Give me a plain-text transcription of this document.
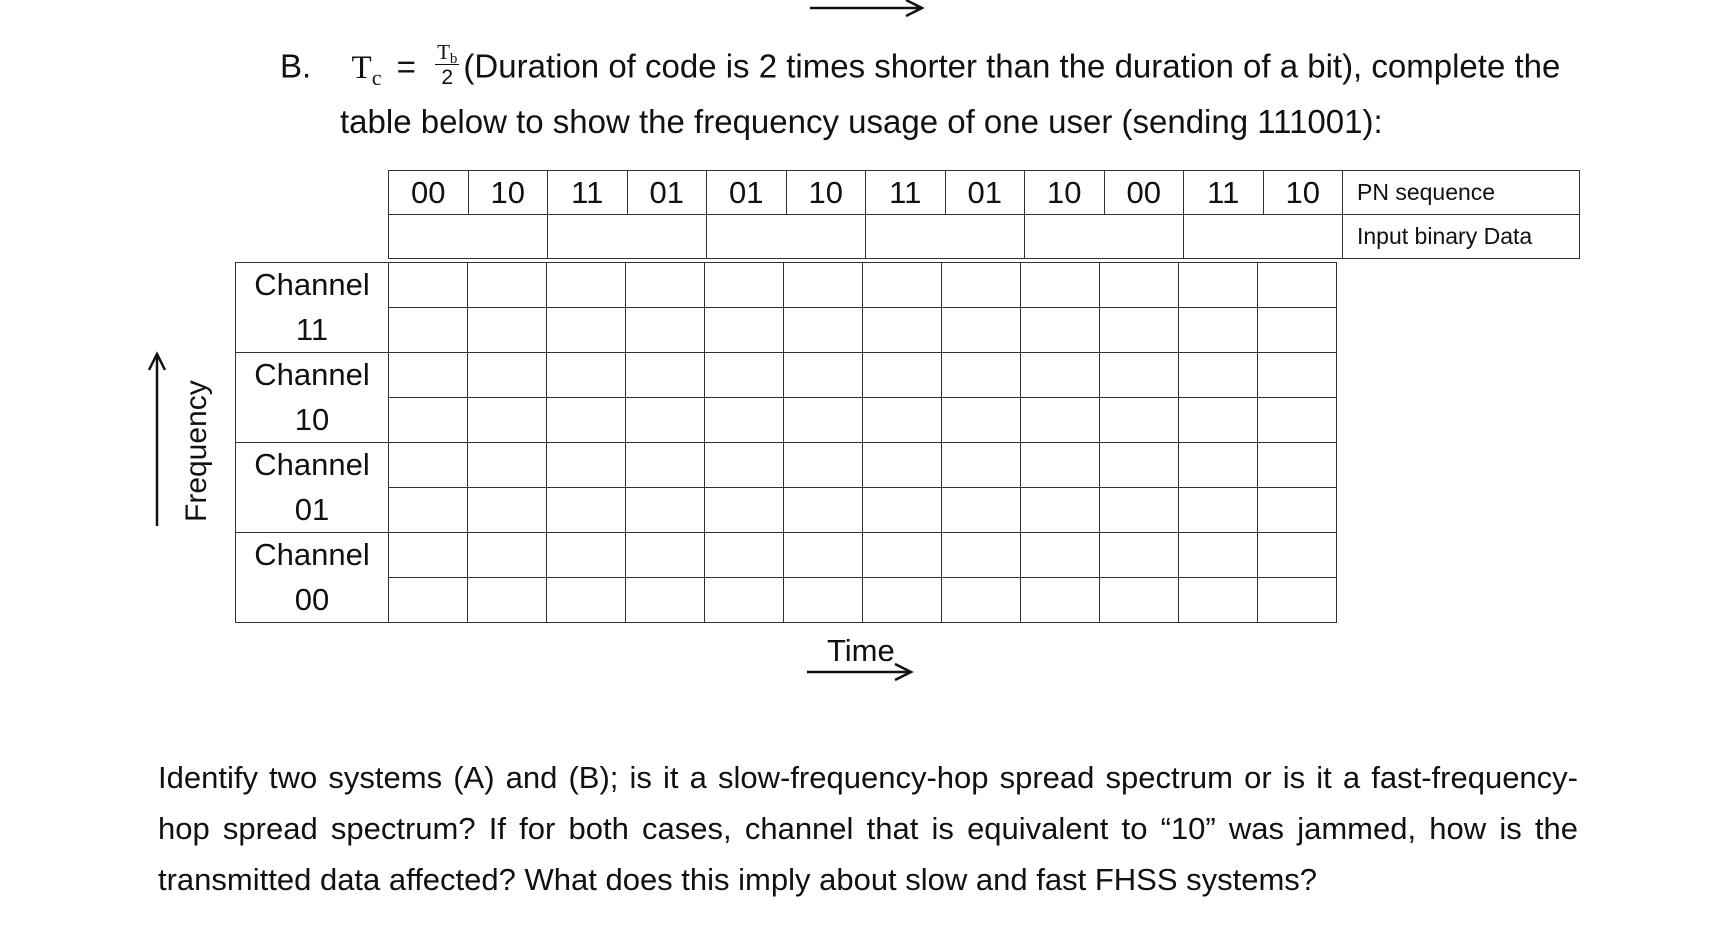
B. $T_c = \frac{Tb}{2}$ (Duration of code is 2 times shorter than the duration of a bit), complete the
table below to show the frequency usage of one user (sending 111001):
00	10	11	01	01	10	11	01	10	00	11	10	PN sequence
												Input binary Data
Channel												
11												
Channel												
10												
Channel												
01												
Channel												
00												
Time
Frequency
Identify two systems (A) and (B); is it a slow-frequency-hop spread spectrum or is it a fast-frequency-hop spread spectrum? If for both cases, channel that is equivalent to “10” was jammed, how is the transmitted data affected? What does this imply about slow and fast FHSS systems?
